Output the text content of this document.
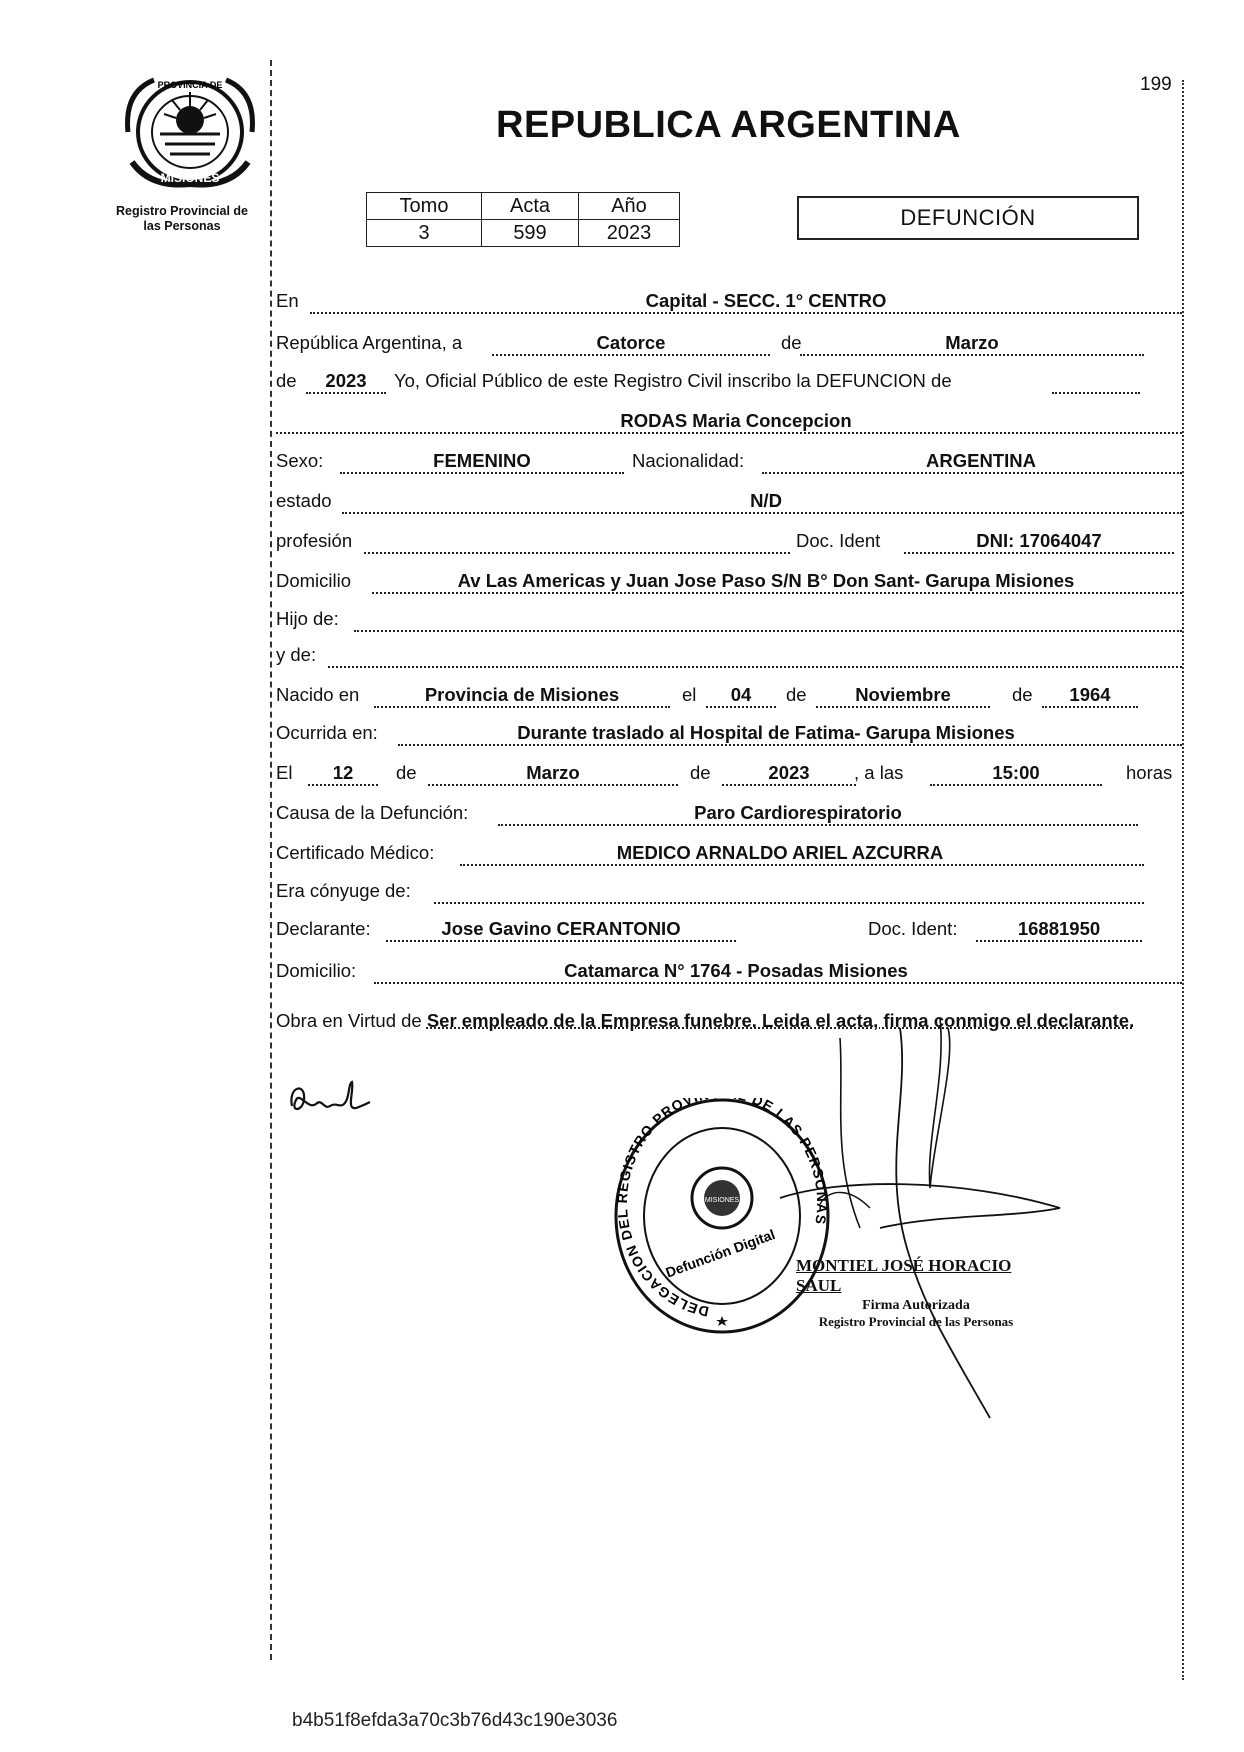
PROVINCIA DE
MISIONES
Registro Provincial de
las Personas
199
REPUBLICA ARGENTINA
Tomo	Acta	Año
3	599	2023
DEFUNCIÓN
En	Capital - SECC. 1° CENTRO
República Argentina, a	Catorce	de	Marzo
de	2023	Yo, Oficial Público de este Registro Civil inscribo la DEFUNCION de
RODAS Maria Concepcion
Sexo:	FEMENINO	Nacionalidad:	ARGENTINA
estado	N/D
profesión	Doc. Ident	DNI: 17064047
Domicilio	Av Las Americas y Juan Jose Paso S/N B° Don Sant- Garupa Misiones
Hijo de:
y de:
Nacido en	Provincia de Misiones	el	04	de	Noviembre	de	1964
Ocurrida en:	Durante traslado al Hospital de Fatima- Garupa Misiones
El	12	de	Marzo	de	2023	, a las	15:00	horas
Causa de la Defunción:	Paro Cardiorespiratorio
Certificado Médico:	MEDICO ARNALDO ARIEL AZCURRA
Era cónyuge de:
Declarante:	Jose Gavino CERANTONIO	Doc. Ident:	16881950
Domicilio:	Catamarca N° 1764 - Posadas Misiones
Obra en Virtud de Ser empleado de la Empresa funebre. Leida el acta, firma conmigo el declarante.
DELEGACION DEL REGISTRO PROV DE LAS PERSONAS
MISIONES
Defunción Digital MONTIEL JOSÉ HORACIO SAUL
Firma Autorizada
Registro Provincial de las Personas
b4b51f8efda3a70c3b76d43c190e3036
